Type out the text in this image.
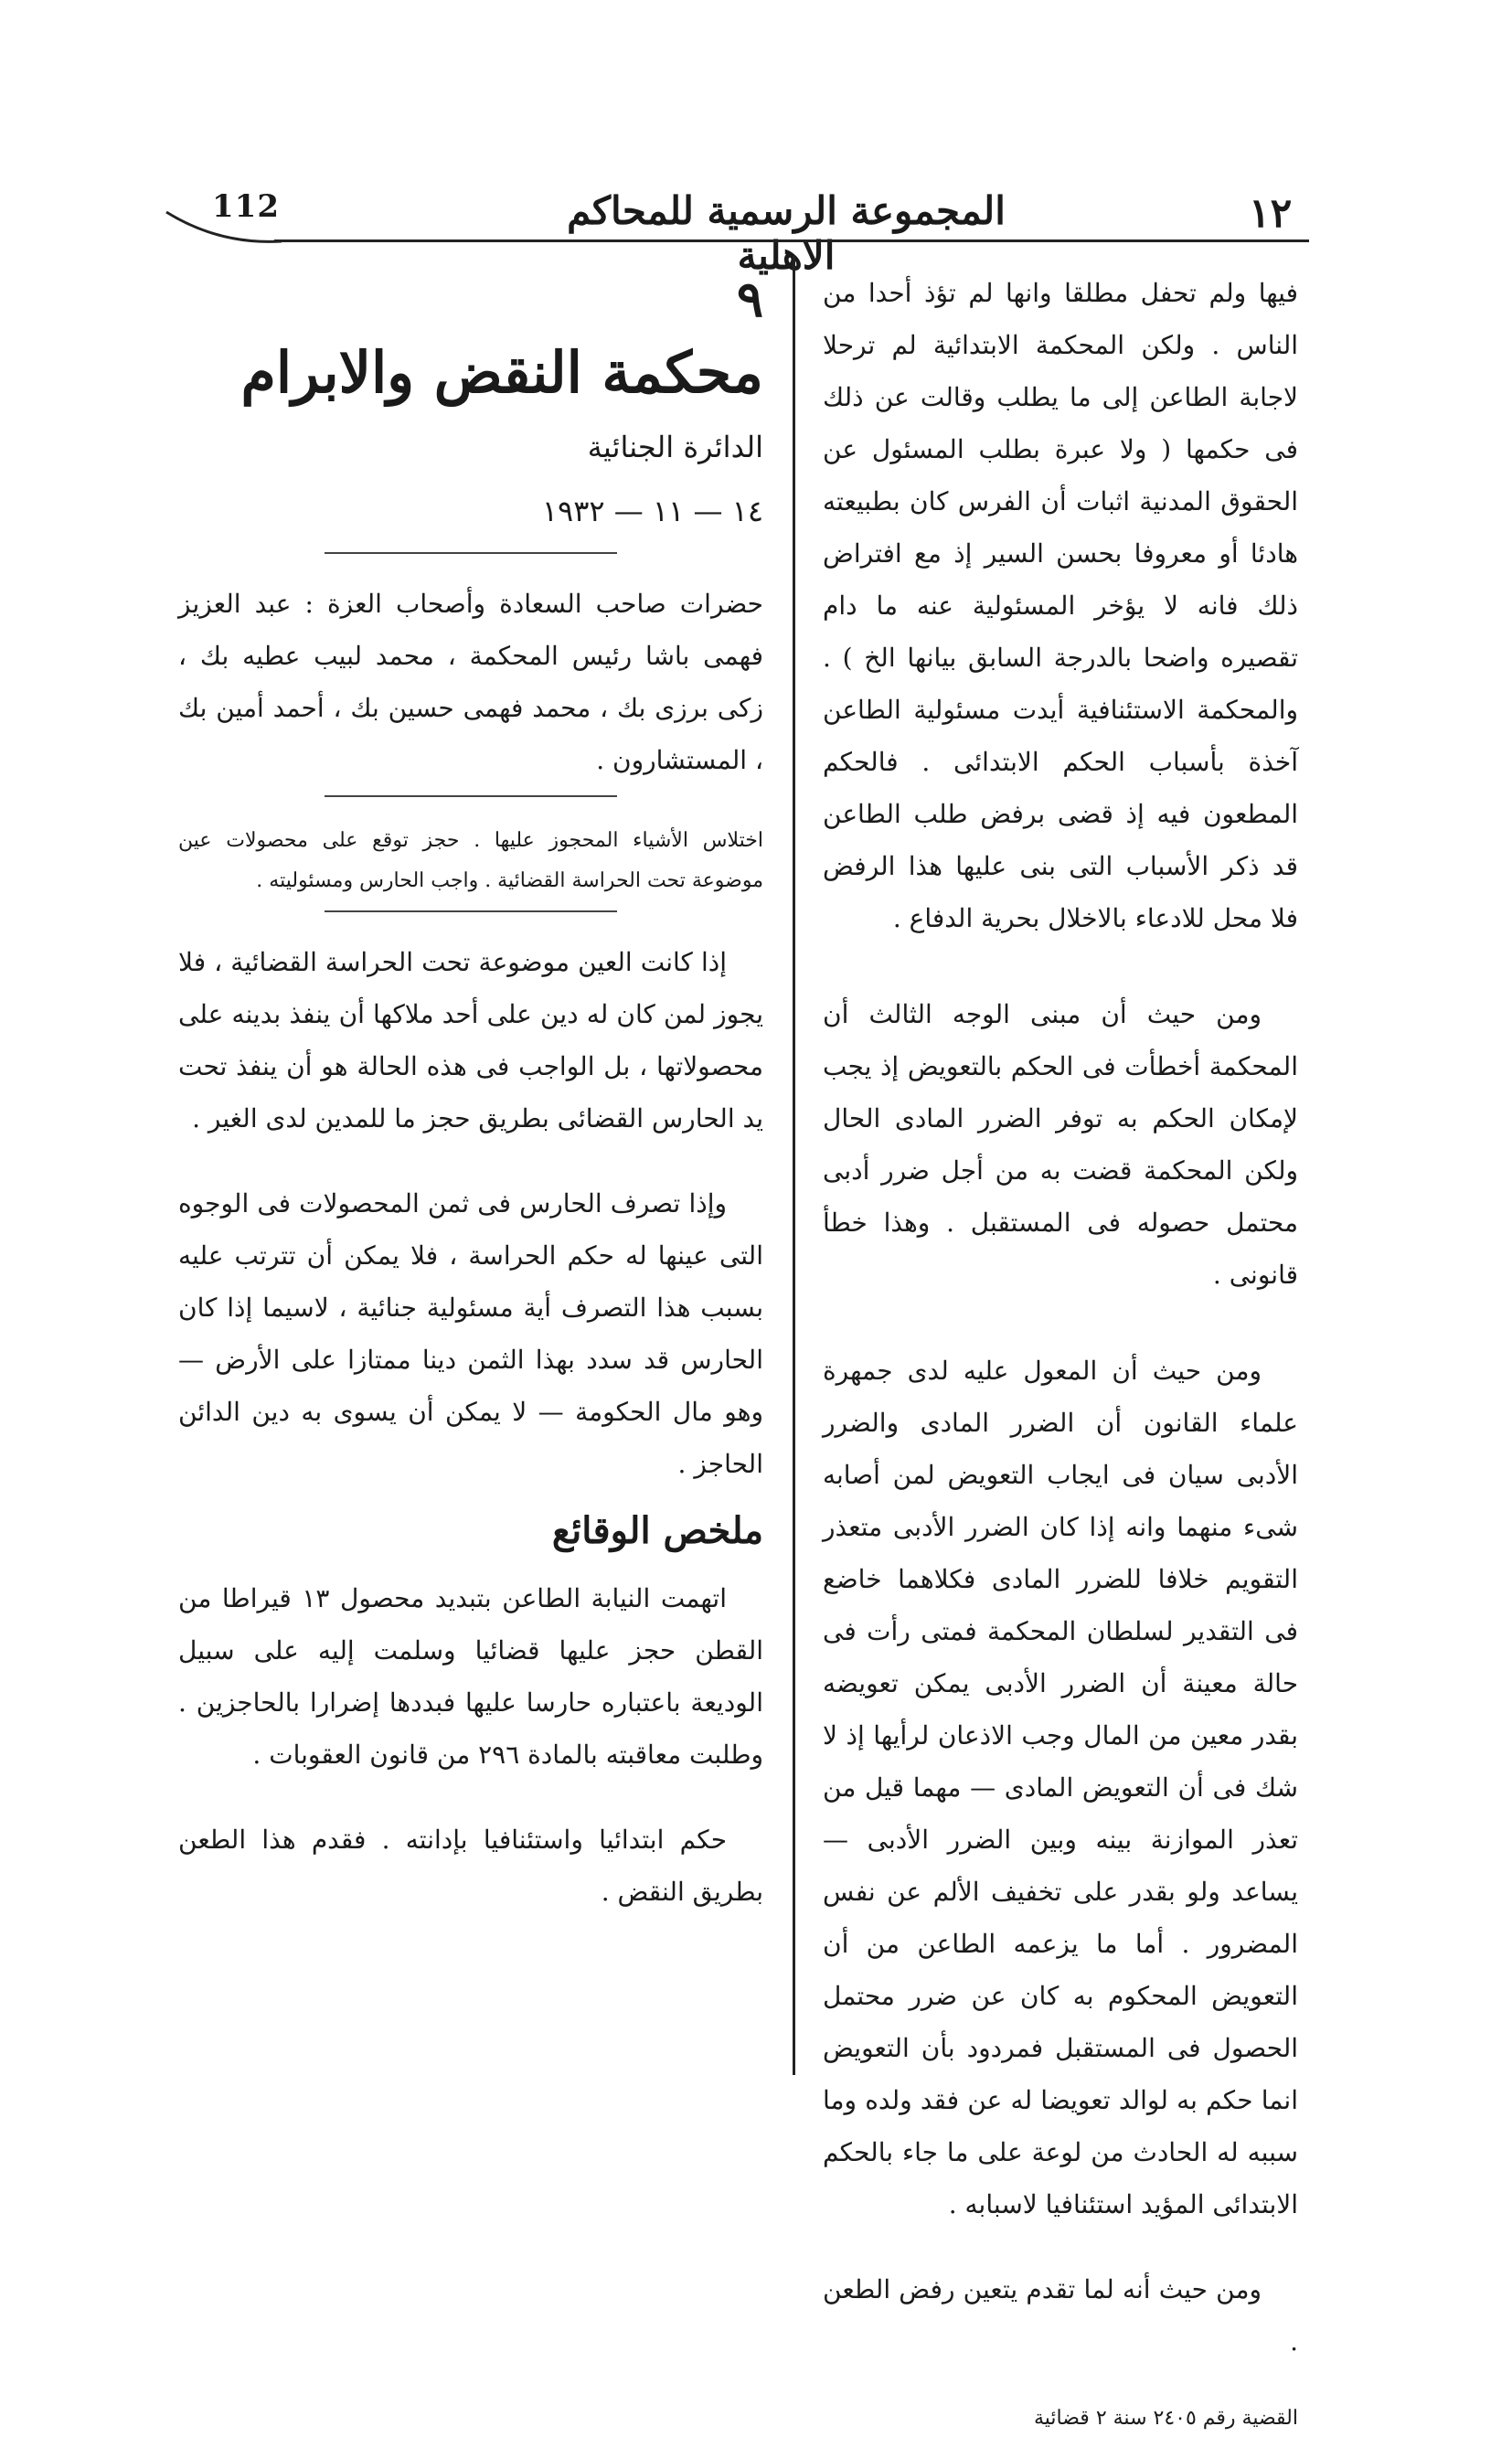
112	المجموعة الرسمية للمحاكم الاهلية
١٢

فيها ولم تحفل مطلقا وانها لم تؤذ أحدا من الناس . ولكن المحكمة الابتدائية لم ترحلا لاجابة الطاعن إلى ما يطلب وقالت عن ذلك فى حكمها ( ولا عبرة بطلب المسئول عن الحقوق المدنية اثبات أن الفرس كان بطبيعته هادئا أو معروفا بحسن السير إذ مع افتراض ذلك فانه لا يؤخر المسئولية عنه ما دام تقصيره واضحا بالدرجة السابق بيانها الخ ) . والمحكمة الاستئنافية أيدت مسئولية الطاعن آخذة بأسباب الحكم الابتدائى . فالحكم المطعون فيه إذ قضى برفض طلب الطاعن قد ذكر الأسباب التى بنى عليها هذا الرفض فلا محل للادعاء بالاخلال بحرية الدفاع .

ومن حيث أن مبنى الوجه الثالث أن المحكمة أخطأت فى الحكم بالتعويض إذ يجب لإمكان الحكم به توفر الضرر المادى الحال ولكن المحكمة قضت به من أجل ضرر أدبى محتمل حصوله فى المستقبل . وهذا خطأ قانونى .

ومن حيث أن المعول عليه لدى جمهرة علماء القانون أن الضرر المادى والضرر الأدبى سيان فى ايجاب التعويض لمن أصابه شىء منهما وانه إذا كان الضرر الأدبى متعذر التقويم خلافا للضرر المادى فكلاهما خاضع فى التقدير لسلطان المحكمة فمتى رأت فى حالة معينة أن الضرر الأدبى يمكن تعويضه بقدر معين من المال وجب الاذعان لرأيها إذ لا شك فى أن التعويض المادى — مهما قيل من تعذر الموازنة بينه وبين الضرر الأدبى — يساعد ولو بقدر على تخفيف الألم عن نفس المضرور . أما ما يزعمه الطاعن من أن التعويض المحكوم به كان عن ضرر محتمل الحصول فى المستقبل فمردود بأن التعويض انما حكم به لوالد تعويضا له عن فقد ولده وما سببه له الحادث من لوعة على ما جاء بالحكم الابتدائى المؤيد استئنافيا لاسبابه .

ومن حيث أنه لما تقدم يتعين رفض الطعن .

القضية رقم ٢٤٠٥ سنة ٢ قضائية

٩

محكمة النقض والابرام

الدائرة الجنائية

١٤ — ١١ — ١٩٣٢

حضرات صاحب السعادة وأصحاب العزة : عبد العزيز فهمى باشا رئيس المحكمة ، محمد لبيب عطيه بك ، زكى برزى بك ، محمد فهمى حسين بك ، أحمد أمين بك ، المستشارون .

اختلاس الأشياء المحجوز عليها . حجز توقع على محصولات عين موضوعة تحت الحراسة القضائية . واجب الحارس ومسئوليته .

إذا كانت العين موضوعة تحت الحراسة القضائية ، فلا يجوز لمن كان له دين على أحد ملاكها أن ينفذ بدينه على محصولاتها ، بل الواجب فى هذه الحالة هو أن ينفذ تحت يد الحارس القضائى بطريق حجز ما للمدين لدى الغير .

وإذا تصرف الحارس فى ثمن المحصولات فى الوجوه التى عينها له حكم الحراسة ، فلا يمكن أن تترتب عليه بسبب هذا التصرف أية مسئولية جنائية ، لاسيما إذا كان الحارس قد سدد بهذا الثمن دينا ممتازا على الأرض — وهو مال الحكومة — لا يمكن أن يسوى به دين الدائن الحاجز .

ملخص الوقائع

اتهمت النيابة الطاعن بتبديد محصول ١٣ قيراطا من القطن حجز عليها قضائيا وسلمت إليه على سبيل الوديعة باعتباره حارسا عليها فبددها إضرارا بالحاجزين . وطلبت معاقبته بالمادة ٢٩٦ من قانون العقوبات .

حكم ابتدائيا واستئنافيا بإدانته . فقدم هذا الطعن بطريق النقض .
